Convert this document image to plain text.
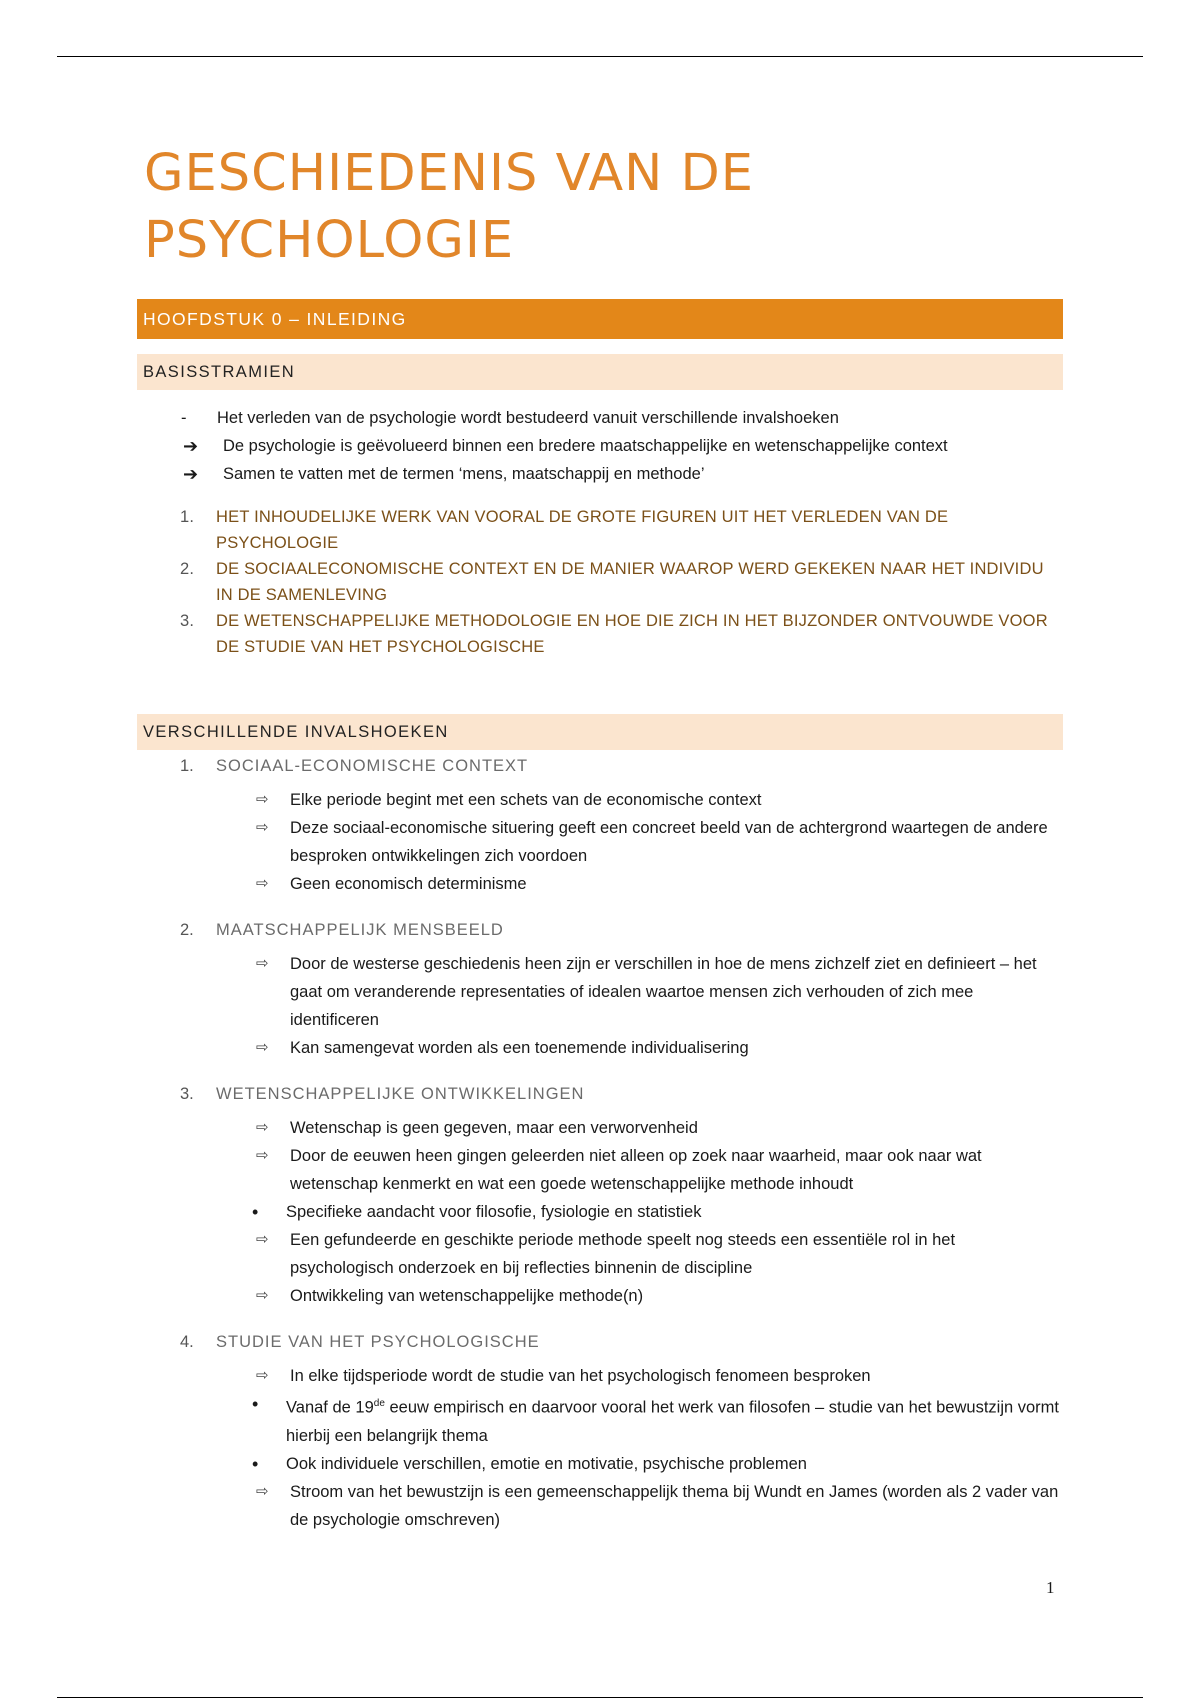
GESCHIEDENIS VAN DE PSYCHOLOGIE
HOOFDSTUK 0 – INLEIDING
BASISSTRAMIEN
-	Het verleden van de psychologie wordt bestudeerd vanuit verschillende invalshoeken
➔	De psychologie is geëvolueerd binnen een bredere maatschappelijke en wetenschappelijke context
➔	Samen te vatten met de termen ‘mens, maatschappij en methode’
1.	HET INHOUDELIJKE WERK VAN VOORAL DE GROTE FIGUREN UIT HET VERLEDEN VAN DE PSYCHOLOGIE
2.	DE SOCIAALECONOMISCHE CONTEXT EN DE MANIER WAAROP WERD GEKEKEN NAAR HET INDIVIDU IN DE SAMENLEVING
3.	DE WETENSCHAPPELIJKE METHODOLOGIE EN HOE DIE ZICH IN HET BIJZONDER ONTVOUWDE VOOR DE STUDIE VAN HET PSYCHOLOGISCHE
VERSCHILLENDE INVALSHOEKEN
1.	SOCIAAL-ECONOMISCHE CONTEXT
⇨	Elke periode begint met een schets van de economische context
⇨	Deze sociaal-economische situering geeft een concreet beeld van de achtergrond waartegen de andere besproken ontwikkelingen zich voordoen
⇨	Geen economisch determinisme
2.	MAATSCHAPPELIJK MENSBEELD
⇨	Door de westerse geschiedenis heen zijn er verschillen in hoe de mens zichzelf ziet en definieert – het gaat om veranderende representaties of idealen waartoe mensen zich verhouden of zich mee identificeren
⇨	Kan samengevat worden als een toenemende individualisering
3.	WETENSCHAPPELIJKE ONTWIKKELINGEN
⇨	Wetenschap is geen gegeven, maar een verworvenheid
⇨	Door de eeuwen heen gingen geleerden niet alleen op zoek naar waarheid, maar ook naar wat wetenschap kenmerkt en wat een goede wetenschappelijke methode inhoudt
•	Specifieke aandacht voor filosofie, fysiologie en statistiek
⇨	Een gefundeerde en geschikte periode methode speelt nog steeds een essentiële rol in het psychologisch onderzoek en bij reflecties binnenin de discipline
⇨	Ontwikkeling van wetenschappelijke methode(n)
4.	STUDIE VAN HET PSYCHOLOGISCHE
⇨	In elke tijdsperiode wordt de studie van het psychologisch fenomeen besproken
•	Vanaf de 19de eeuw empirisch en daarvoor vooral het werk van filosofen – studie van het bewustzijn vormt hierbij een belangrijk thema
•	Ook individuele verschillen, emotie en motivatie, psychische problemen
⇨	Stroom van het bewustzijn is een gemeenschappelijk thema bij Wundt en James (worden als 2 vader van de psychologie omschreven)
1
